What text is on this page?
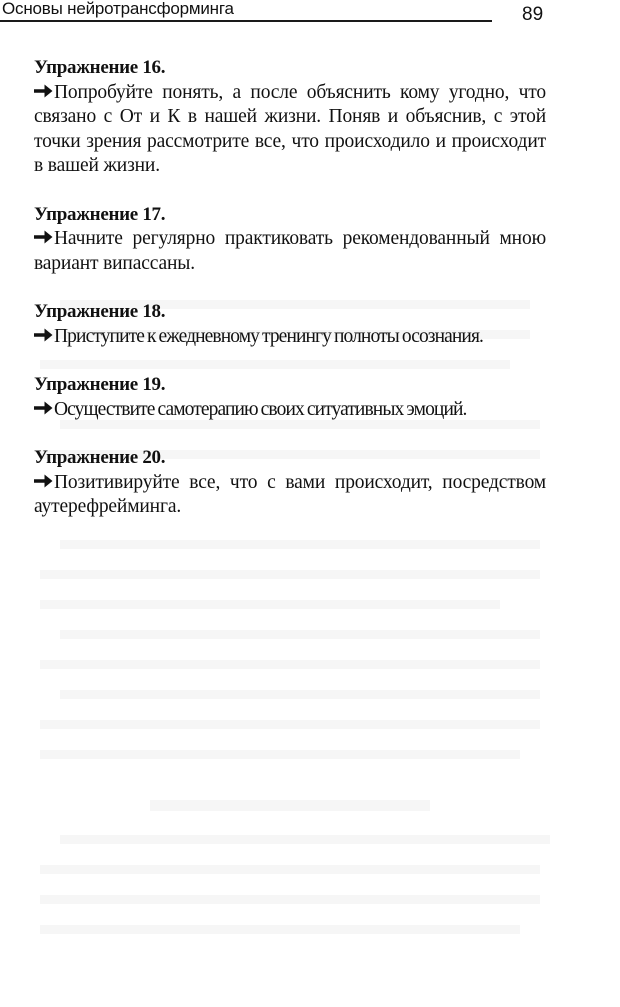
Основы нейротрансформинга	89

Упражнение 16.

Попробуйте понять, а после объяснить кому угодно, что связано с От и К в нашей жизни. Поняв и объяснив, с этой точки зрения рассмотрите все, что происходило и происходит в вашей жизни.

Упражнение 17.

Начните регулярно практиковать рекомендованный мною вариант випассаны.

Упражнение 18.

Приступите к ежедневному тренингу полноты осознания.

Упражнение 19.

Осуществите самотерапию своих ситуативных эмоций.

Упражнение 20.

Позитивируйте все, что с вами происходит, посредством аутерефрейминга.
